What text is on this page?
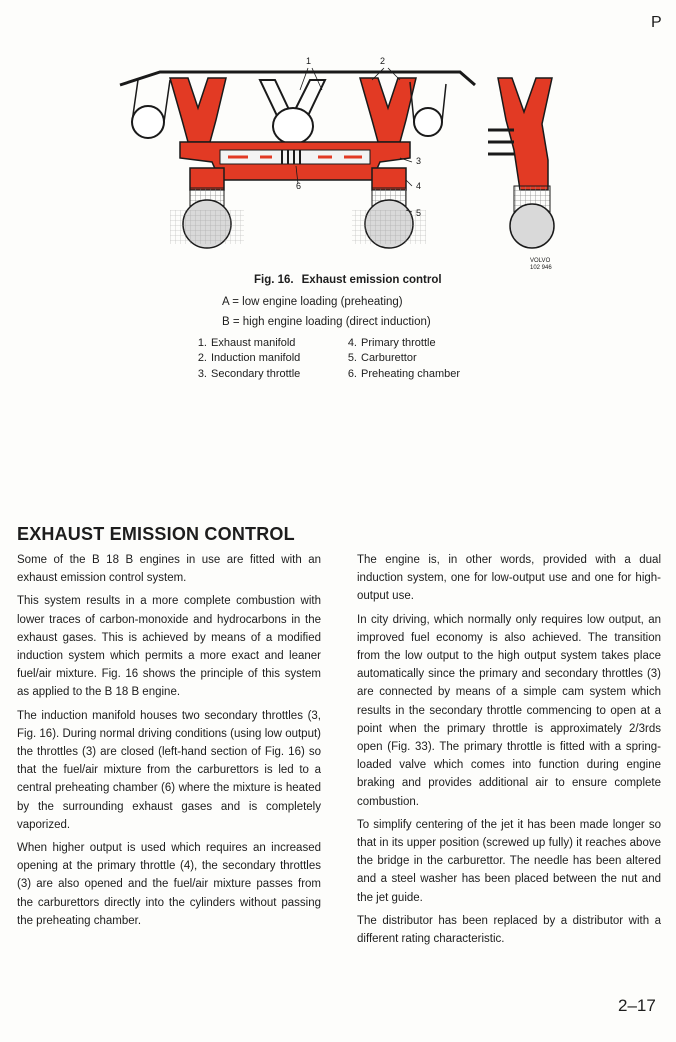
P
1	2
3
4
5
6
VOLVO
102 946
Fig. 16. Exhaust emission control
A = low engine loading (preheating)
B = high engine loading (direct induction)
1. Exhaust manifold
2. Induction manifold
3. Secondary throttle
4. Primary throttle
5. Carburettor
6. Preheating chamber
EXHAUST EMISSION CONTROL

Some of the B 18 B engines in use are fitted with an exhaust emission control system.

This system results in a more complete combustion with lower traces of carbon-monoxide and hydrocarbons in the exhaust gases. This is achieved by means of a modified induction system which permits a more exact and leaner fuel/air mixture. Fig. 16 shows the principle of this system as applied to the B 18 B engine.

The induction manifold houses two secondary throttles (3, Fig. 16). During normal driving conditions (using low output) the throttles (3) are closed (left-hand section of Fig. 16) so that the fuel/air mixture from the carburettors is led to a central preheating chamber (6) where the mixture is heated by the surrounding exhaust gases and is completely vaporized.

When higher output is used which requires an increased opening at the primary throttle (4), the secondary throttles (3) are also opened and the fuel/air mixture passes from the carburettors directly into the cylinders without passing the preheating chamber.

The engine is, in other words, provided with a dual induction system, one for low-output use and one for high-output use.

In city driving, which normally only requires low output, an improved fuel economy is also achieved. The transition from the low output to the high output system takes place automatically since the primary and secondary throttles (3) are connected by means of a simple cam system which results in the secondary throttle commencing to open at a point when the primary throttle is approximately 2/3rds open (Fig. 33). The primary throttle is fitted with a spring-loaded valve which comes into function during engine braking and provides additional air to ensure complete combustion.

To simplify centering of the jet it has been made longer so that in its upper position (screwed up fully) it reaches above the bridge in the carburettor. The needle has been altered and a steel washer has been placed between the nut and the jet guide.

The distributor has been replaced by a distributor with a different rating characteristic.

2–17
